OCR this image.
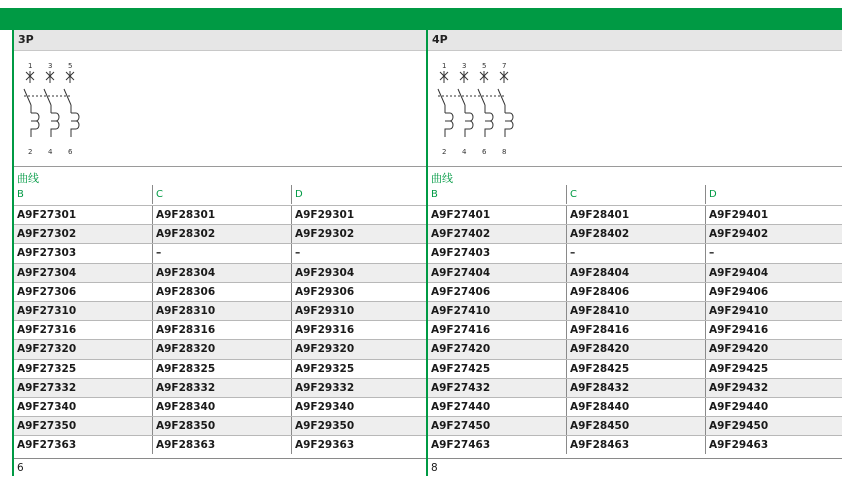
3P
1
2
3
4
5
6
曲线
B	C	D
A9F27301	A9F28301	A9F29301
A9F27302	A9F28302	A9F29302
A9F27303	–	–
A9F27304	A9F28304	A9F29304
A9F27306	A9F28306	A9F29306
A9F27310	A9F28310	A9F29310
A9F27316	A9F28316	A9F29316
A9F27320	A9F28320	A9F29320
A9F27325	A9F28325	A9F29325
A9F27332	A9F28332	A9F29332
A9F27340	A9F28340	A9F29340
A9F27350	A9F28350	A9F29350
A9F27363	A9F28363	A9F29363
6
4P
1
2
3
4
5
6
7
8
曲线
B	C	D
A9F27401	A9F28401	A9F29401
A9F27402	A9F28402	A9F29402
A9F27403	–	–
A9F27404	A9F28404	A9F29404
A9F27406	A9F28406	A9F29406
A9F27410	A9F28410	A9F29410
A9F27416	A9F28416	A9F29416
A9F27420	A9F28420	A9F29420
A9F27425	A9F28425	A9F29425
A9F27432	A9F28432	A9F29432
A9F27440	A9F28440	A9F29440
A9F27450	A9F28450	A9F29450
A9F27463	A9F28463	A9F29463
8
